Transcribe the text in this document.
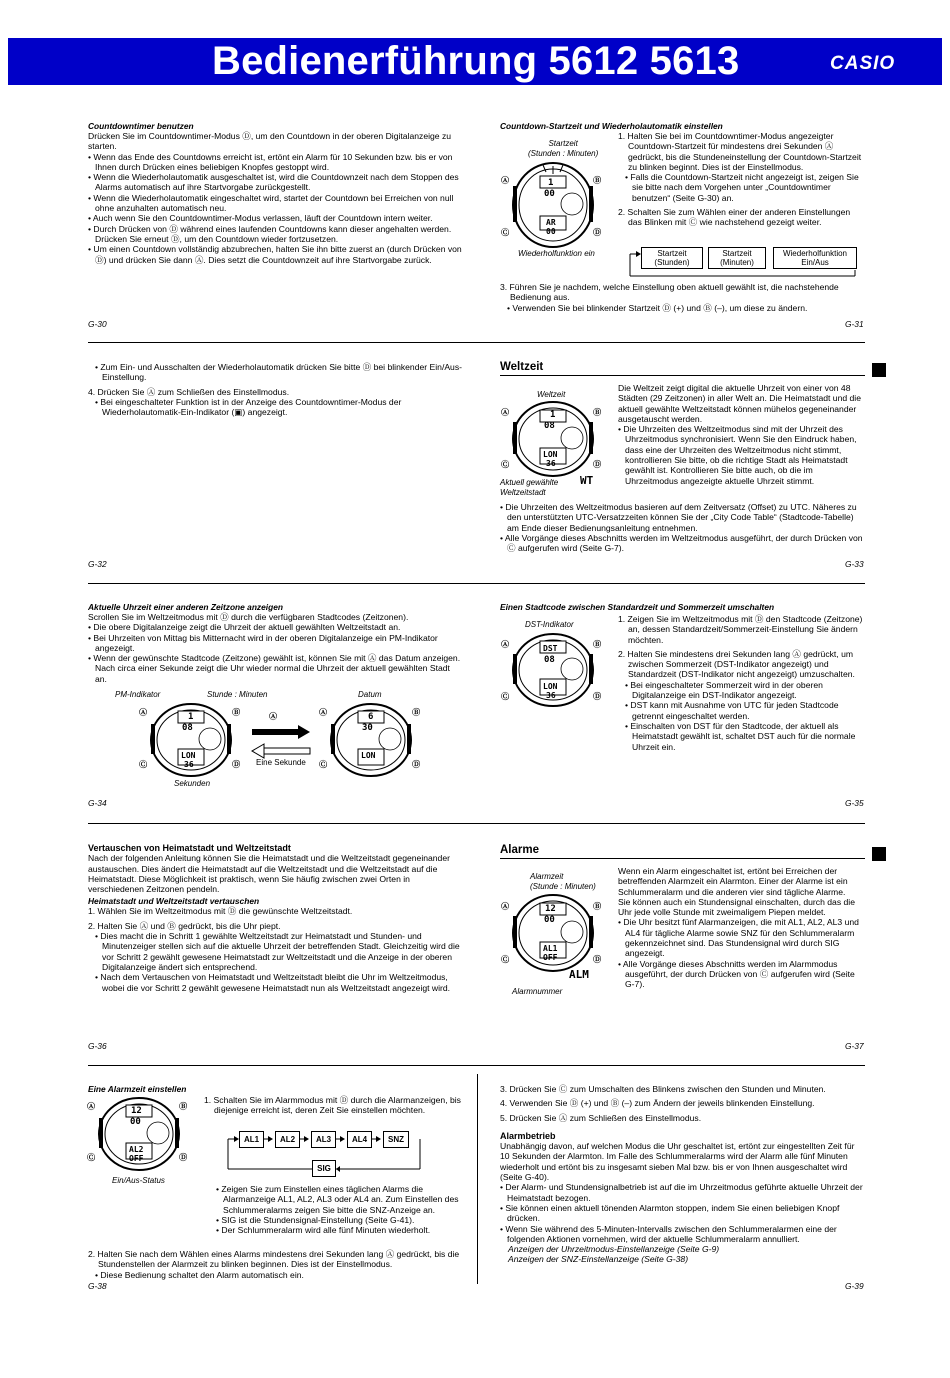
Bedienerführung 5612 5613	CASIO
Countdowntimer benutzen
Drücken Sie im Countdowntimer-Modus Ⓓ, um den Countdown in der oberen Digitalanzeige zu starten.
• Wenn das Ende des Countdowns erreicht ist, ertönt ein Alarm für 10 Sekunden bzw. bis er von Ihnen durch Drücken eines beliebigen Knopfes gestoppt wird.
• Wenn die Wiederholautomatik ausgeschaltet ist, wird die Countdownzeit nach dem Stoppen des Alarms automatisch auf ihre Startvorgabe zurückgestellt.
• Wenn die Wiederholautomatik eingeschaltet wird, startet der Countdown bei Erreichen von null ohne anzuhalten automatisch neu.
• Auch wenn Sie den Countdowntimer-Modus verlassen, läuft der Countdown intern weiter.
• Durch Drücken von Ⓓ während eines laufenden Countdowns kann dieser angehalten werden.
Drücken Sie erneut Ⓓ, um den Countdown wieder fortzusetzen.
• Um einen Countdown vollständig abzubrechen, halten Sie ihn bitte zuerst an (durch Drücken von Ⓓ) und drücken Sie dann Ⓐ. Dies setzt die Countdownzeit auf ihre Startvorgabe zurück.
G-30
Countdown-Startzeit und Wiederholautomatik einstellen
Startzeit
(Stunden : Minuten)
Ⓐ	Ⓑ
Ⓒ	Ⓓ
1
00
AR
00
Wiederholfunktion ein
1. Halten Sie bei im Countdowntimer-Modus angezeigter Countdown-Startzeit für mindestens drei Sekunden Ⓐ gedrückt, bis die Stundeneinstellung der Countdown-Startzeit zu blinken beginnt. Dies ist der Einstellmodus.
• Falls die Countdown-Startzeit nicht angezeigt ist, zeigen Sie sie bitte nach dem Vorgehen unter „Countdowntimer benutzen“ (Seite G-30) an.
2. Schalten Sie zum Wählen einer der anderen Einstellungen das Blinken mit Ⓒ wie nachstehend gezeigt weiter.
Startzeit
(Stunden)
Startzeit
(Minuten)
Wiederholfunktion
Ein/Aus
3. Führen Sie je nachdem, welche Einstellung oben aktuell gewählt ist, die nachstehende Bedienung aus.
• Verwenden Sie bei blinkender Startzeit Ⓓ (+) und Ⓑ (–), um diese zu ändern.
G-31
• Zum Ein- und Ausschalten der Wiederholautomatik drücken Sie bitte Ⓓ bei blinkender Ein/Aus-Einstellung.
4. Drücken Sie Ⓐ zum Schließen des Einstellmodus.
• Bei eingeschalteter Funktion ist in der Anzeige des Countdowntimer-Modus der Wiederholautomatik-Ein-Indikator (▣) angezeigt.
G-32
Weltzeit
Weltzeit
Ⓐ	Ⓑ
Ⓒ	Ⓓ
1
08
LON
36
Aktuell gewählte
Weltzeitstadt
WT
Die Weltzeit zeigt digital die aktuelle Uhrzeit von einer von 48 Städten (29 Zeitzonen) in aller Welt an. Die Heimatstadt und die aktuell gewählte Weltzeitstadt können mühelos gegeneinander ausgetauscht werden.
• Die Uhrzeiten des Weltzeitmodus sind mit der Uhrzeit des Uhrzeitmodus synchronisiert. Wenn Sie den Eindruck haben, dass eine der Uhrzeiten des Weltzeitmodus nicht stimmt, kontrollieren Sie bitte, ob die richtige Stadt als Heimatstadt gewählt ist. Kontrollieren Sie bitte auch, ob die im Uhrzeitmodus angezeigte aktuelle Uhrzeit stimmt.
• Die Uhrzeiten des Weltzeitmodus basieren auf dem Zeitversatz (Offset) zu UTC. Näheres zu den unterstützten UTC-Versatzzeiten können Sie der „City Code Table“ (Stadtcode-Tabelle) am Ende dieser Bedienungsanleitung entnehmen.
• Alle Vorgänge dieses Abschnitts werden im Weltzeitmodus ausgeführt, der durch Drücken von Ⓒ aufgerufen wird (Seite G-7).
G-33
Aktuelle Uhrzeit einer anderen Zeitzone anzeigen
Scrollen Sie im Weltzeitmodus mit Ⓓ durch die verfügbaren Stadtcodes (Zeitzonen).
• Die obere Digitalanzeige zeigt die Uhrzeit der aktuell gewählten Weltzeitstadt an.
• Bei Uhrzeiten von Mittag bis Mitternacht wird in der oberen Digitalanzeige ein PM-Indikator angezeigt.
• Wenn der gewünschte Stadtcode (Zeitzone) gewählt ist, können Sie mit Ⓐ das Datum anzeigen. Nach circa einer Sekunde zeigt die Uhr wieder normal die Uhrzeit der aktuell gewählten Stadt an.
PM-Indikator	Stunde : Minuten	Datum
Ⓐ	Ⓑ
Ⓒ	Ⓓ
1
08
LON
36
Sekunden
Ⓐ
Eine Sekunde
Ⓐ	Ⓑ
Ⓒ	Ⓓ
6
30
LON
G-34
Einen Stadtcode zwischen Standardzeit und Sommerzeit umschalten
DST-Indikator
Ⓐ	Ⓑ
Ⓒ	Ⓓ
DST
08
LON
36
1. Zeigen Sie im Weltzeitmodus mit Ⓓ den Stadtcode (Zeitzone) an, dessen Standardzeit/Sommerzeit-Einstellung Sie ändern möchten.
2. Halten Sie mindestens drei Sekunden lang Ⓐ gedrückt, um zwischen Sommerzeit (DST-Indikator angezeigt) und Standardzeit (DST-Indikator nicht angezeigt) umzuschalten.
• Bei eingeschalteter Sommerzeit wird in der oberen Digitalanzeige ein DST-Indikator angezeigt.
• DST kann mit Ausnahme von UTC für jeden Stadtcode getrennt eingeschaltet werden.
• Einschalten von DST für den Stadtcode, der aktuell als Heimatstadt gewählt ist, schaltet DST auch für die normale Uhrzeit ein.
G-35
Vertauschen von Heimatstadt und Weltzeitstadt
Nach der folgenden Anleitung können Sie die Heimatstadt und die Weltzeitstadt gegeneinander austauschen. Dies ändert die Heimatstadt auf die Weltzeitstadt und die Weltzeitstadt auf die Heimatstadt. Diese Möglichkeit ist praktisch, wenn Sie häufig zwischen zwei Orten in verschiedenen Zeitzonen pendeln.
Heimatstadt und Weltzeitstadt vertauschen
1. Wählen Sie im Weltzeitmodus mit Ⓓ die gewünschte Weltzeitstadt.
2. Halten Sie Ⓐ und Ⓑ gedrückt, bis die Uhr piept.
• Dies macht die in Schritt 1 gewählte Weltzeitstadt zur Heimatstadt und Stunden- und Minutenzeiger stellen sich auf die aktuelle Uhrzeit der betreffenden Stadt. Gleichzeitig wird die vor Schritt 2 gewählt gewesene Heimatstadt zur Weltzeitstadt und die Anzeige in der oberen Digitalanzeige ändert sich entsprechend.
• Nach dem Vertauschen von Heimatstadt und Weltzeitstadt bleibt die Uhr im Weltzeitmodus, wobei die vor Schritt 2 gewählt gewesene Heimatstadt nun als Weltzeitstadt angezeigt wird.
G-36
Alarme
Alarmzeit
(Stunde : Minuten)
Ⓐ	Ⓑ
Ⓒ	Ⓓ
12
00
AL1
OFF
ALM
Alarmnummer
Wenn ein Alarm eingeschaltet ist, ertönt bei Erreichen der betreffenden Alarmzeit ein Alarmton. Einer der Alarme ist ein Schlummeralarm und die anderen vier sind tägliche Alarme.
Sie können auch ein Stundensignal einschalten, durch das die Uhr jede volle Stunde mit zweimaligem Piepen meldet.
• Die Uhr besitzt fünf Alarmanzeigen, die mit AL1, AL2, AL3 und AL4 für tägliche Alarme sowie SNZ für den Schlummeralarm gekennzeichnet sind. Das Stundensignal wird durch SIG angezeigt.
• Alle Vorgänge dieses Abschnitts werden im Alarmmodus ausgeführt, der durch Drücken von Ⓒ aufgerufen wird (Seite G-7).
G-37
Eine Alarmzeit einstellen
Ⓐ	Ⓑ
Ⓒ	Ⓓ
12
00
AL2
OFF
Ein/Aus-Status
1. Schalten Sie im Alarmmodus mit Ⓓ durch die Alarmanzeigen, bis diejenige erreicht ist, deren Zeit Sie einstellen möchten.
AL1	AL2	AL3	AL4	SNZ
SIG
• Zeigen Sie zum Einstellen eines täglichen Alarms die Alarmanzeige AL1, AL2, AL3 oder AL4 an. Zum Einstellen des Schlummeralarms zeigen Sie bitte die SNZ-Anzeige an.
• SIG ist die Stundensignal-Einstellung (Seite G-41).
• Der Schlummeralarm wird alle fünf Minuten wiederholt.
2. Halten Sie nach dem Wählen eines Alarms mindestens drei Sekunden lang Ⓐ gedrückt, bis die Stundenstellen der Alarmzeit zu blinken beginnen. Dies ist der Einstellmodus.
• Diese Bedienung schaltet den Alarm automatisch ein.
G-38
3. Drücken Sie Ⓒ zum Umschalten des Blinkens zwischen den Stunden und Minuten.
4. Verwenden Sie Ⓓ (+) und Ⓑ (–) zum Ändern der jeweils blinkenden Einstellung.
5. Drücken Sie Ⓐ zum Schließen des Einstellmodus.
Alarmbetrieb
Unabhängig davon, auf welchen Modus die Uhr geschaltet ist, ertönt zur eingestellten Zeit für 10 Sekunden der Alarmton. Im Falle des Schlummeralarms wird der Alarm alle fünf Minuten wiederholt und ertönt bis zu insgesamt sieben Mal bzw. bis er von Ihnen ausgeschaltet wird (Seite G-40).
• Der Alarm- und Stundensignalbetrieb ist auf die im Uhrzeitmodus geführte aktuelle Uhrzeit der Heimatstadt bezogen.
• Sie können einen aktuell tönenden Alarmton stoppen, indem Sie einen beliebigen Knopf drücken.
• Wenn Sie während des 5-Minuten-Intervalls zwischen den Schlummeralarmen eine der folgenden Aktionen vornehmen, wird der aktuelle Schlummeralarm annulliert.
Anzeigen der Uhrzeitmodus-Einstellanzeige (Seite G-9)
Anzeigen der SNZ-Einstellanzeige (Seite G-38)
G-39
